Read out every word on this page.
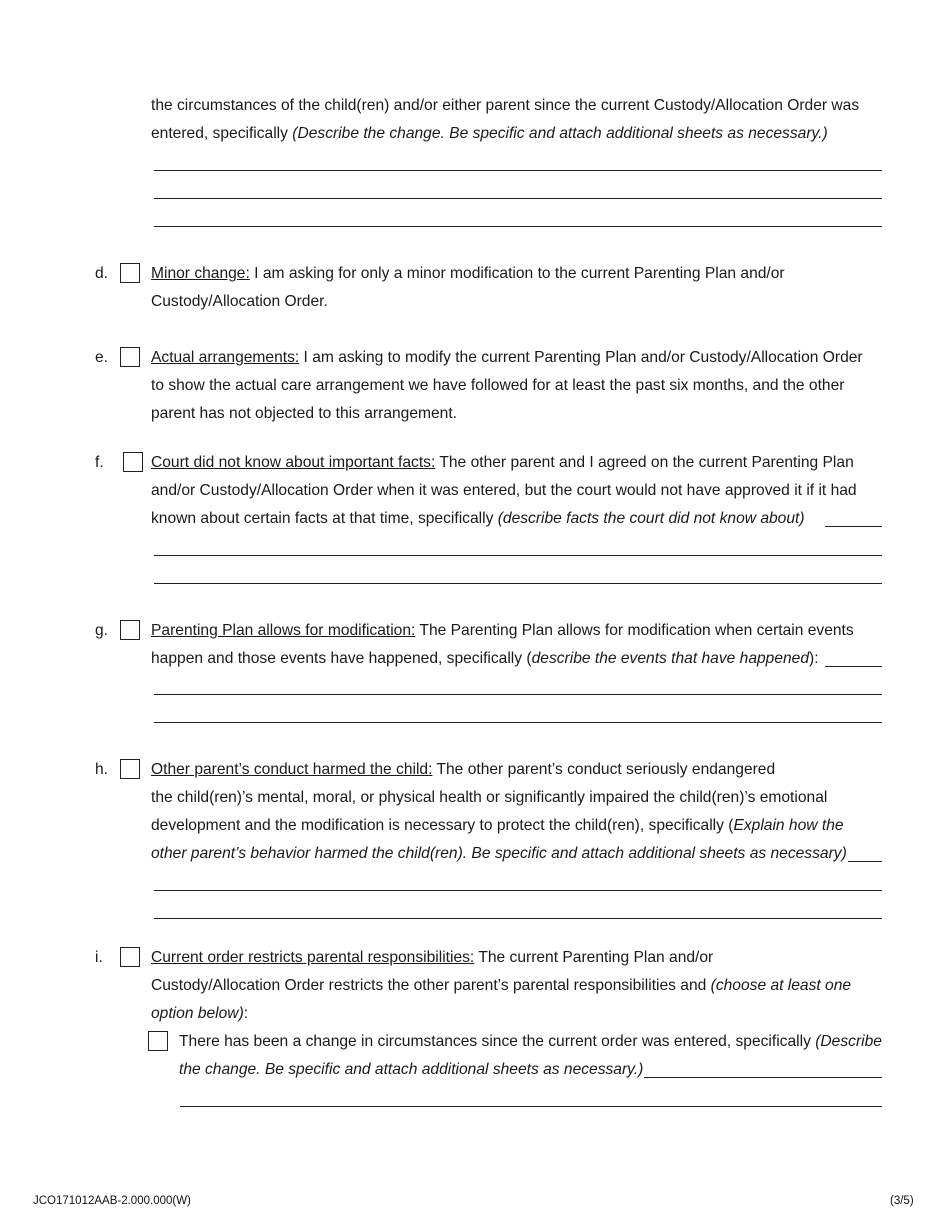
the circumstances of the child(ren) and/or either parent since the current Custody/Allocation Order was
entered, specifically (Describe the change. Be specific and attach additional sheets as necessary.)
d.	Minor change: I am asking for only a minor modification to the current Parenting Plan and/or
Custody/Allocation Order.
e.	Actual arrangements: I am asking to modify the current Parenting Plan and/or Custody/Allocation Order
to show the actual care arrangement we have followed for at least the past six months, and the other
parent has not objected to this arrangement.
f.	Court did not know about important facts: The other parent and I agreed on the current Parenting Plan
and/or Custody/Allocation Order when it was entered, but the court would not have approved it if it had
known about certain facts at that time, specifically (describe facts the court did not know about)
g.	Parenting Plan allows for modification: The Parenting Plan allows for modification when certain events
happen and those events have happened, specifically (describe the events that have happened):
h.	Other parent’s conduct harmed the child: The other parent’s conduct seriously endangered
the child(ren)’s mental, moral, or physical health or significantly impaired the child(ren)’s emotional
development and the modification is necessary to protect the child(ren), specifically (Explain how the
other parent’s behavior harmed the child(ren). Be specific and attach additional sheets as necessary)
i.	Current order restricts parental responsibilities: The current Parenting Plan and/or
Custody/Allocation Order restricts the other parent’s parental responsibilities and (choose at least one
option below):
There has been a change in circumstances since the current order was entered, specifically (Describe
the change. Be specific and attach additional sheets as necessary.)
JCO171012AAB-2.000.000(W)	(3/5)
